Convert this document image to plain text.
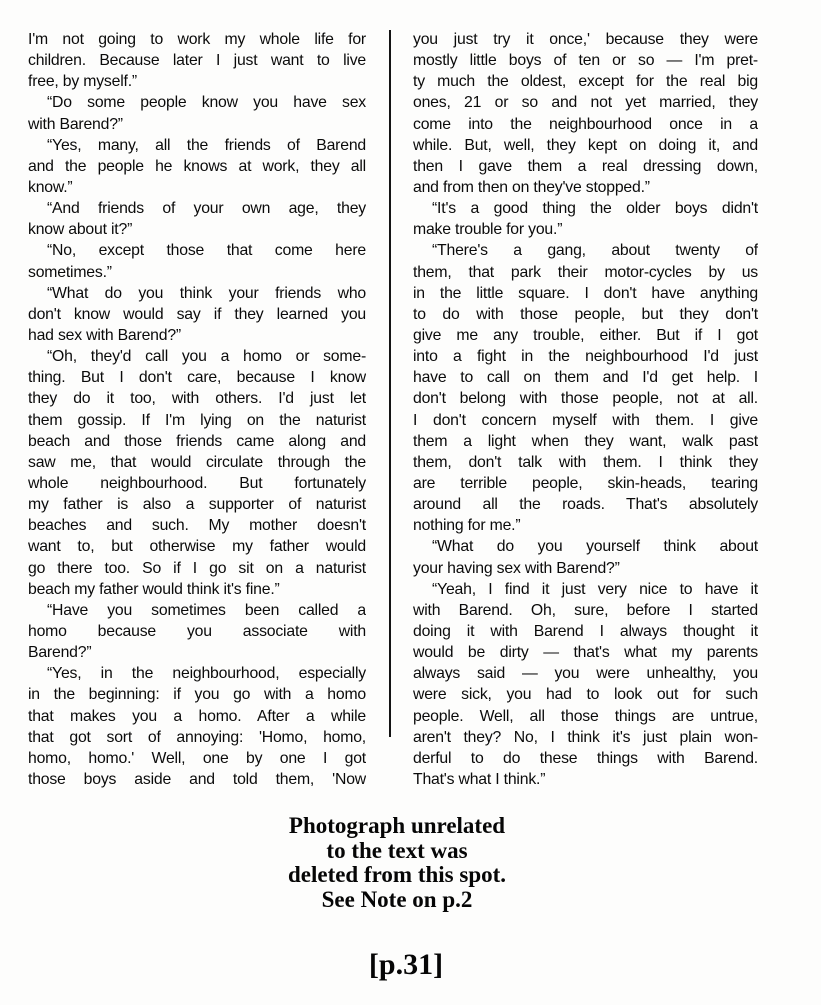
I'm not going to work my whole life for
children. Because later I just want to live
free, by myself.”
“Do some people know you have sex
with Barend?”
“Yes, many, all the friends of Barend
and the people he knows at work, they all
know.”
“And friends of your own age, they
know about it?”
“No, except those that come here
sometimes.”
“What do you think your friends who
don't know would say if they learned you
had sex with Barend?”
“Oh, they'd call you a homo or some-
thing. But I don't care, because I know
they do it too, with others. I'd just let
them gossip. If I'm lying on the naturist
beach and those friends came along and
saw me, that would circulate through the
whole neighbourhood. But fortunately
my father is also a supporter of naturist
beaches and such. My mother doesn't
want to, but otherwise my father would
go there too. So if I go sit on a naturist
beach my father would think it's fine.”
“Have you sometimes been called a
homo because you associate with
Barend?”
“Yes, in the neighbourhood, especially
in the beginning: if you go with a homo
that makes you a homo. After a while
that got sort of annoying: 'Homo, homo,
homo, homo.' Well, one by one I got
those boys aside and told them, 'Now
you just try it once,' because they were
mostly little boys of ten or so — I'm pret-
ty much the oldest, except for the real big
ones, 21 or so and not yet married, they
come into the neighbourhood once in a
while. But, well, they kept on doing it, and
then I gave them a real dressing down,
and from then on they've stopped.”
“It's a good thing the older boys didn't
make trouble for you.”
“There's a gang, about twenty of
them, that park their motor-cycles by us
in the little square. I don't have anything
to do with those people, but they don't
give me any trouble, either. But if I got
into a fight in the neighbourhood I'd just
have to call on them and I'd get help. I
don't belong with those people, not at all.
I don't concern myself with them. I give
them a light when they want, walk past
them, don't talk with them. I think they
are terrible people, skin-heads, tearing
around all the roads. That's absolutely
nothing for me.”
“What do you yourself think about
your having sex with Barend?”
“Yeah, I find it just very nice to have it
with Barend. Oh, sure, before I started
doing it with Barend I always thought it
would be dirty — that's what my parents
always said — you were unhealthy, you
were sick, you had to look out for such
people. Well, all those things are untrue,
aren't they? No, I think it's just plain won-
derful to do these things with Barend.
That's what I think.”
Photograph unrelated
to the text was
deleted from this spot.
See Note on p.2
[p.31]
